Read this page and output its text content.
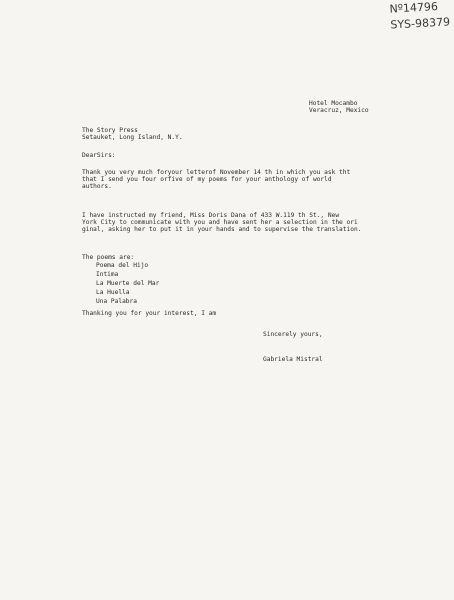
Nº14796
SYS-98379
Hotel Mocambo
Veracruz, Mexico
The Story Press
Setauket, Long Island, N.Y.
DearSirs:
Thank you very much foryour letterof November 14 th in which you ask tht
that I send you four orfive of my poems for your anthology of world
authors.
I have instructed my friend, Miss Doris Dana of 433 W.119 th St., New
York City to communicate with you and have sent her a selection in the ori
ginal, asking her to put it in your hands and to supervise the translation.
The poems are:
Poema del Hijo
Intima
La Muerte del Mar
La Huella
Una Palabra
Thanking you for your interest, I am
Sincerely yours,
Gabriela Mistral
